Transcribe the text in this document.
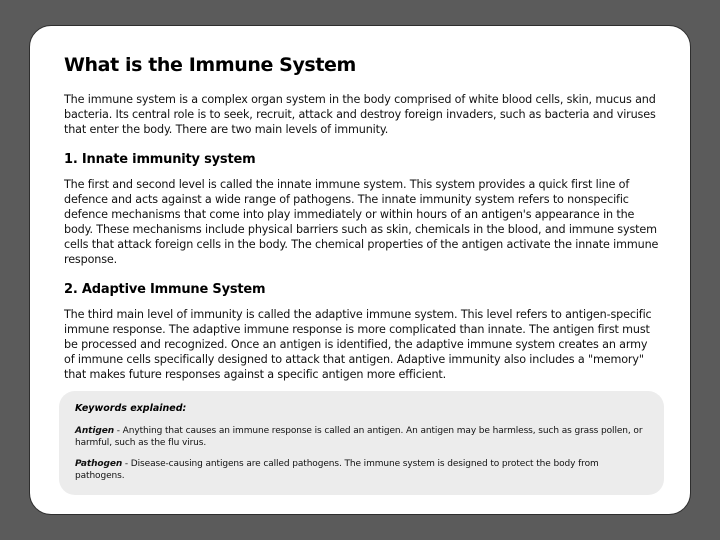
What is the Immune System

The immune system is a complex organ system in the body comprised of white blood cells, skin, mucus and bacteria. Its central role is to seek, recruit, attack and destroy foreign invaders, such as bacteria and viruses that enter the body. There are two main levels of immunity.

1. Innate immunity system

The first and second level is called the innate immune system. This system provides a quick first line of defence and acts against a wide range of pathogens. The innate immunity system refers to nonspecific defence mechanisms that come into play immediately or within hours of an antigen's appearance in the body. These mechanisms include physical barriers such as skin, chemicals in the blood, and immune system cells that attack foreign cells in the body. The chemical properties of the antigen activate the innate immune response.

2. Adaptive Immune System

The third main level of immunity is called the adaptive immune system. This level refers to antigen-specific immune response. The adaptive immune response is more complicated than innate. The antigen first must be processed and recognized. Once an antigen is identified, the adaptive immune system creates an army of immune cells specifically designed to attack that antigen. Adaptive immunity also includes a "memory" that makes future responses against a specific antigen more efficient.

Keywords explained:
Antigen - Anything that causes an immune response is called an antigen. An antigen may be harmless, such as grass pollen, or harmful, such as the flu virus.
Pathogen - Disease-causing antigens are called pathogens. The immune system is designed to protect the body from pathogens.
